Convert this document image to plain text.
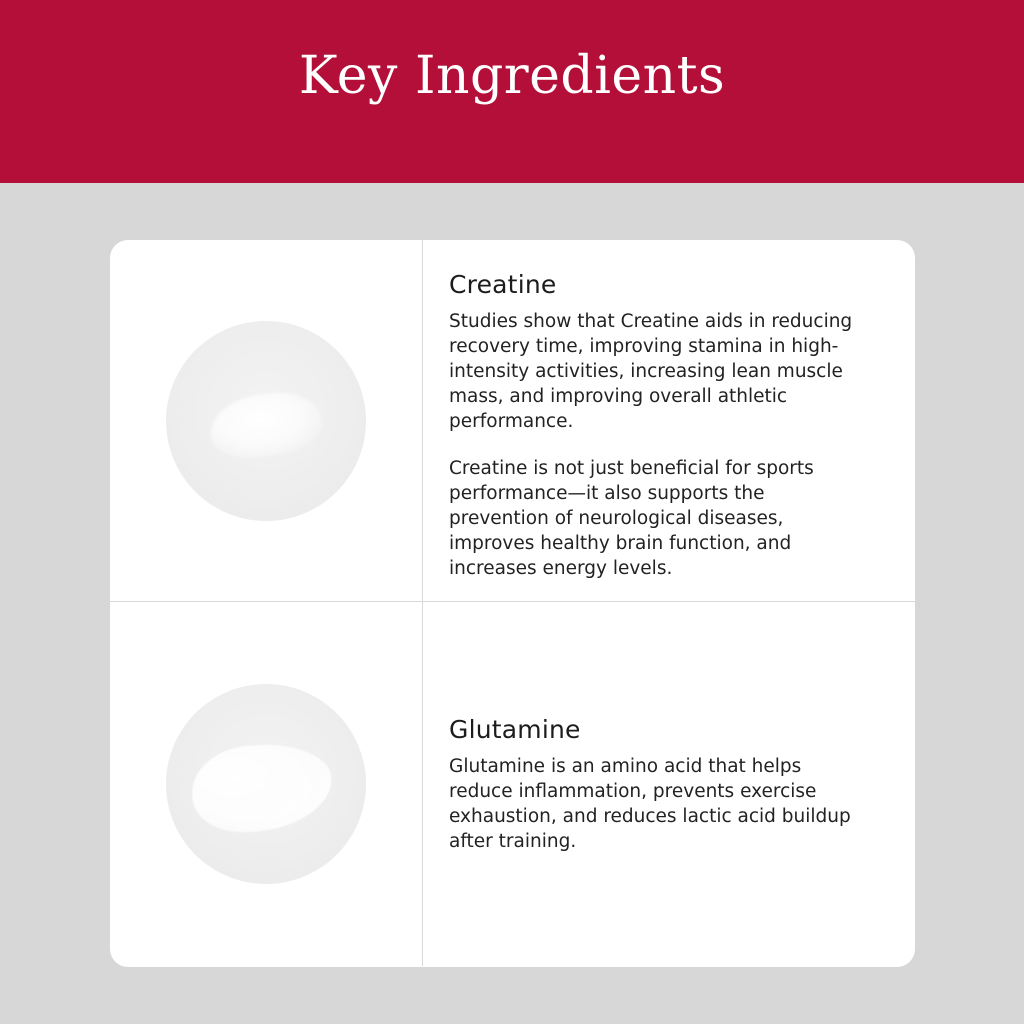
Key Ingredients
Creatine

Studies show that Creatine aids in reducing recovery time, improving stamina in high-intensity activities, increasing lean muscle mass, and improving overall athletic performance.

Creatine is not just beneficial for sports performance—it also supports the prevention of neurological diseases, improves healthy brain function, and increases energy levels.

Glutamine

Glutamine is an amino acid that helps reduce inflammation, prevents exercise exhaustion, and reduces lactic acid buildup after training.
